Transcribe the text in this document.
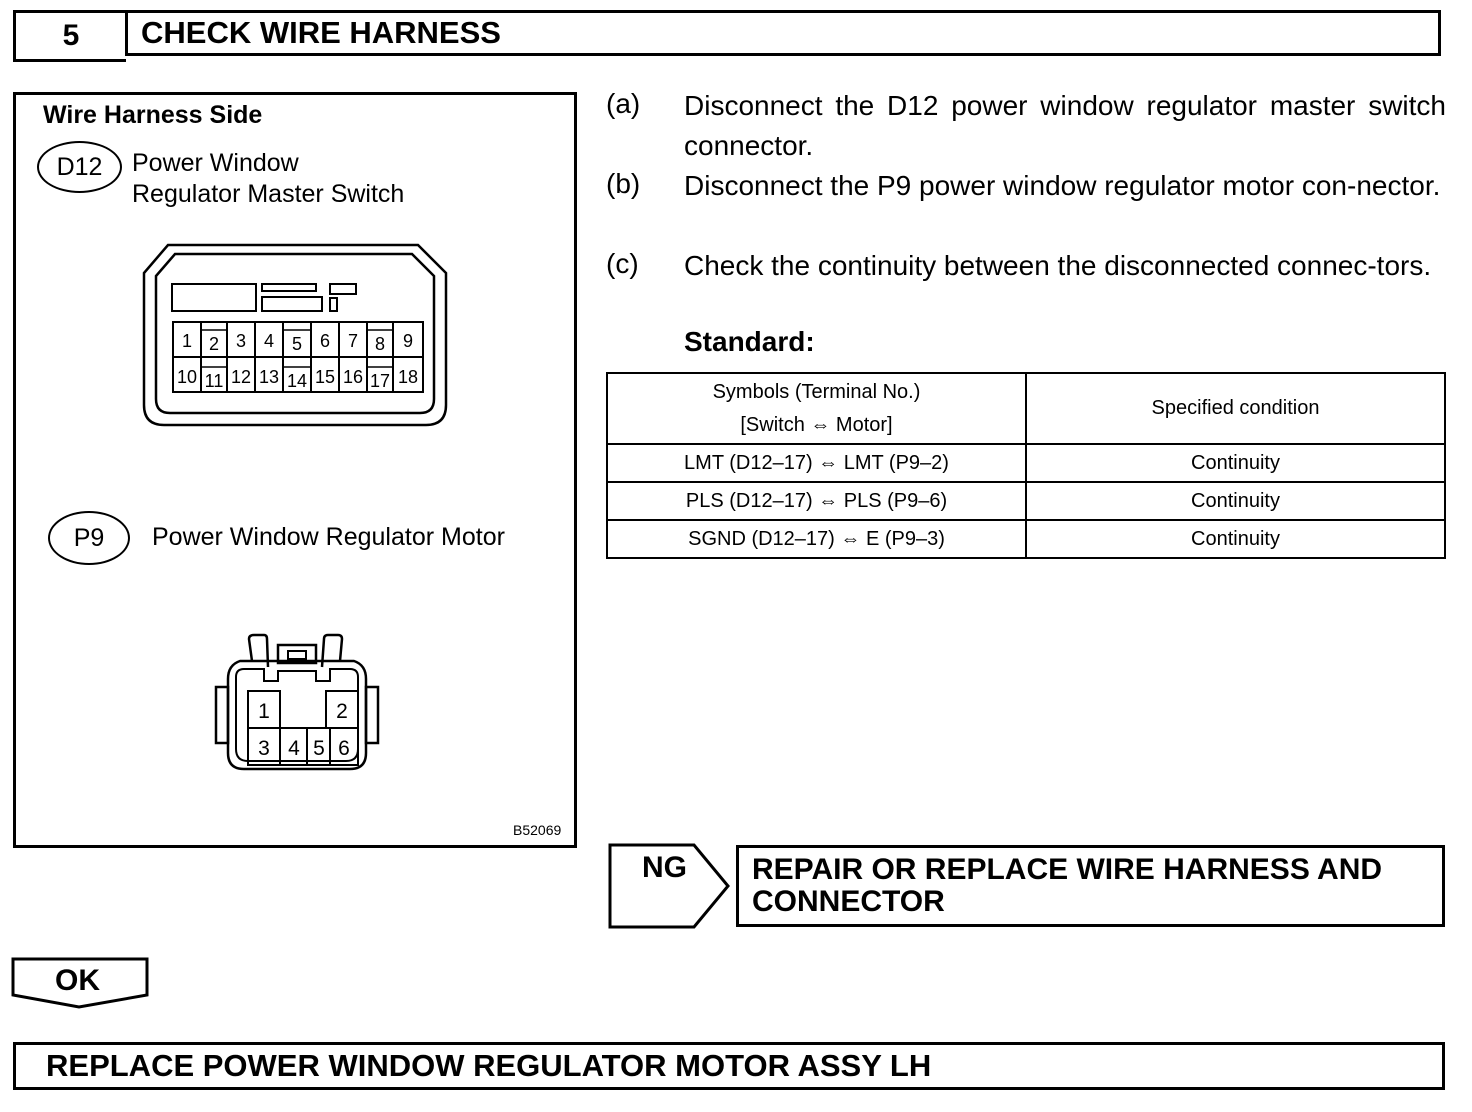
5	CHECK WIRE HARNESS
Wire Harness Side
D12 Power Window
Regulator Master Switch
1 2 3 4 5 6 7 8 9
10 11 12 13 14 15 16 17 18
P9 Power Window Regulator Motor
1	2
3 4 5 6
B52069
(a) Disconnect the D12 power window regulator master switch connector.
(b) Disconnect the P9 power window regulator motor con-nector.
(c) Check the continuity between the disconnected connec-tors.
Standard:
Symbols (Terminal No.)
[Switch ⇔ Motor]	Specified condition
LMT (D12–17) ⇔ LMT (P9–2)	Continuity
PLS (D12–17) ⇔ PLS (P9–6)	Continuity
SGND (D12–17) ⇔ E (P9–3)	Continuity
NG REPAIR OR REPLACE WIRE HARNESS AND
CONNECTOR
OK
REPLACE POWER WINDOW REGULATOR MOTOR ASSY LH
